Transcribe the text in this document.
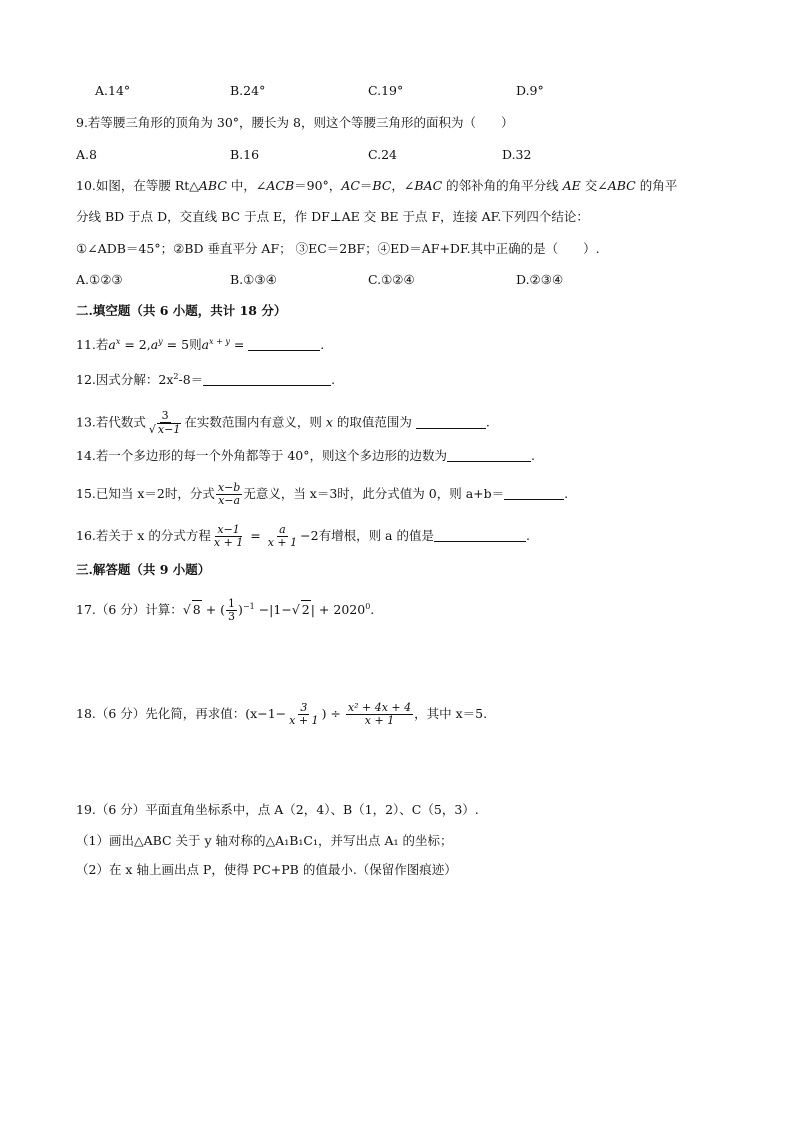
A.14°	B.24°	C.19°	D.9°
9.若等腰三角形的顶角为 30°，腰长为 8，则这个等腰三角形的面积为（　　）
A.8	B.16	C.24	D.32
10.如图，在等腰 Rt△ABC 中，∠ACB＝90°，AC＝BC，∠BAC 的邻补角的角平分线 AE 交∠ABC 的角平
分线 BD 于点 D，交直线 BC 于点 E，作 DF⊥AE 交 BE 于点 F，连接 AF.下列四个结论：
①∠ADB＝45°；②BD 垂直平分 AF； ③EC＝2BF；④ED＝AF+DF.其中正确的是（　　）.
A.①②③	B.①③④	C.①②④	D.②③④
二.填空题（共 6 小题，共计 18 分）
11.若$a^x = 2,a^y = 5$则$a^{x + y}$ =	.
12.因式分解：$2x^2-8=$	.
13.若代数式 $\frac{3}{√ x-1}$ 在实数范围内有意义，则 x 的取值范围为	.
14.若一个多边形的每一个外角都等于 40°，则这个多边形的边数为	.
15.已知当 x＝2时，分式 $\frac{x-b}{x-a}$ 无意义，当 x＝3时，此分式值为 0，则 a+b＝	.
16.若关于 x 的分式方程 $\frac{x-1}{x + 1} = \frac{a}{x + 1} -2$有增根，则 a 的值是	.
三.解答题（共 9 小题）
17.（6 分）计算：√ 8 + ( $\frac{1}{3} )^{-1} -|1-√$ $2| + 2020^0$.
18.（6 分）先化简，再求值：($x-1- \frac{3}{x + 1}$ ) ÷ $\frac{\text{x² + 4x + 4}}{x + 1}$ ，其中 x＝5.
19.（6 分）平面直角坐标系中，点 A（2，4）、B（1，2）、C（5，3）.
（1）画出△ABC 关于 y 轴对称的△A₁B₁C₁，并写出点 A₁ 的坐标；
（2）在 x 轴上画出点 P，使得 PC+PB 的值最小.（保留作图痕迹）
